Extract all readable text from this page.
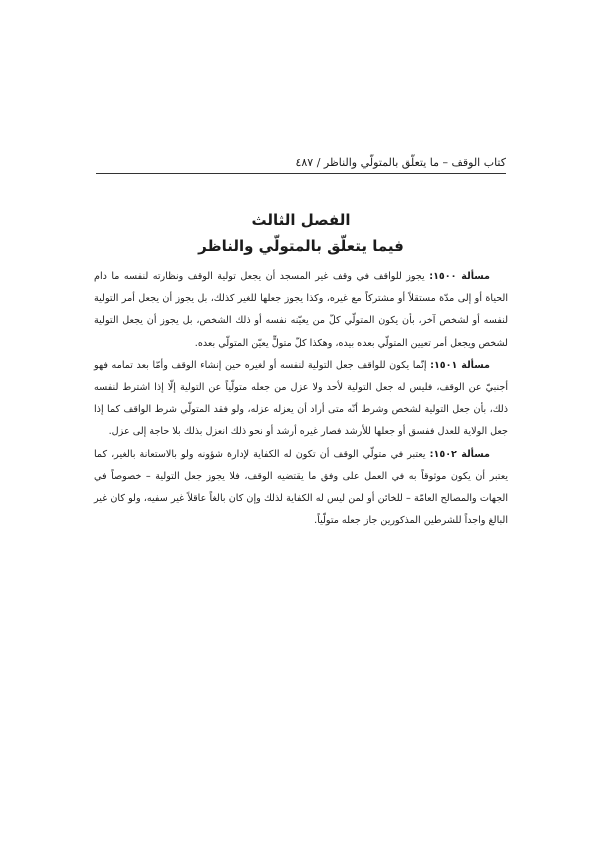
كتاب الوقف – ما يتعلّق بالمتولّي والناظر / ٤٨٧
الفصل الثالث
فيما يتعلّق بالمتولّي والناظر

مسألة ١٥٠٠: يجوز للواقف في وقف غير المسجد أن يجعل تولية الوقف ونظارته لنفسه ما دام الحياة أو إلى مدّة مستقلاً أو مشتركاً مع غيره، وكذا يجوز جعلها للغير كذلك، بل يجوز أن يجعل أمر التولية لنفسه أو لشخص آخر، بأن يكون المتولّي كلّ من يعيّنه نفسه أو ذلك الشخص، بل يجوز أن يجعل التولية لشخص ويجعل أمر تعيين المتولّي بعده بيده، وهكذا كلّ متولٍّ يعيّن المتولّي بعده.

مسألة ١٥٠١: إنّما يكون للواقف جعل التولية لنفسه أو لغيره حين إنشاء الوقف وأمّا بعد تمامه فهو أجنبيّ عن الوقف، فليس له جعل التولية لأحد ولا عزل من جعله متولّياً عن التولية إلّا إذا اشترط لنفسه ذلك، بأن جعل التولية لشخص وشرط أنّه متى أراد أن يعزله عزله، ولو فقد المتولّي شرط الواقف كما إذا جعل الولاية للعدل ففسق أو جعلها للأرشد فصار غيره أرشد أو نحو ذلك انعزل بذلك بلا حاجة إلى عزل.

مسألة ١٥٠٢: يعتبر في متولّي الوقف أن تكون له الكفاية لإدارة شؤونه ولو بالاستعانة بالغير، كما يعتبر أن يكون موثوقاً به في العمل على وفق ما يقتضيه الوقف، فلا يجوز جعل التولية – خصوصاً في الجهات والمصالح العامّة – للخائن أو لمن ليس له الكفاية لذلك وإن كان بالغاً عاقلاً غير سفيه، ولو كان غير البالغ واجداً للشرطين المذكورين جاز جعله متولّياً.
